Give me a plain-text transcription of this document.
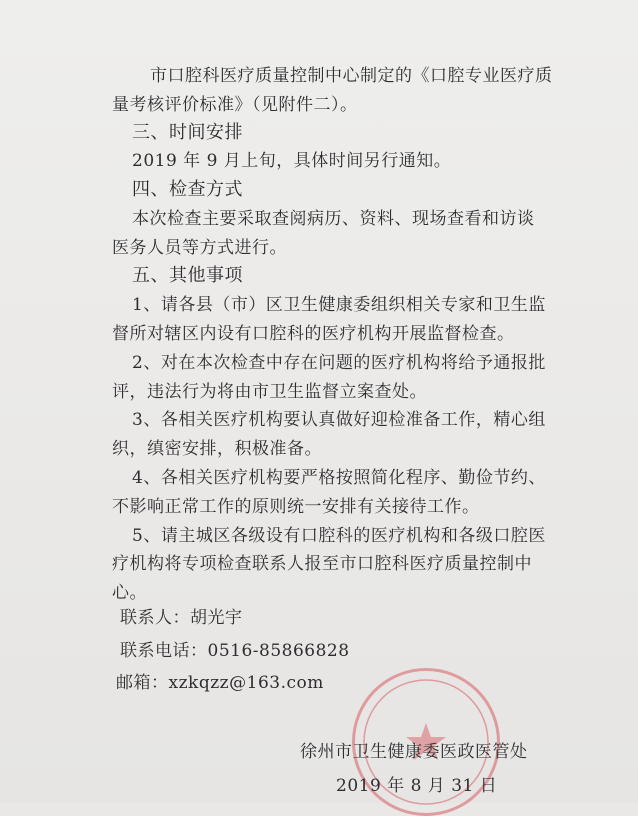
市口腔科医疗质量控制中心制定的《口腔专业医疗质
量考核评价标准》（见附件二）。
三、时间安排
2019 年 9 月上旬，具体时间另行通知。
四、检查方式
本次检查主要采取查阅病历、资料、现场查看和访谈
医务人员等方式进行。
五、其他事项
1、请各县（市）区卫生健康委组织相关专家和卫生监
督所对辖区内设有口腔科的医疗机构开展监督检查。
2、对在本次检查中存在问题的医疗机构将给予通报批
评，违法行为将由市卫生监督立案查处。
3、各相关医疗机构要认真做好迎检准备工作，精心组
织，缜密安排，积极准备。
4、各相关医疗机构要严格按照简化程序、勤俭节约、
不影响正常工作的原则统一安排有关接待工作。
5、请主城区各级设有口腔科的医疗机构和各级口腔医
疗机构将专项检查联系人报至市口腔科医疗质量控制中
心。
联系人：胡光宇
联系电话：0516-85866828
邮箱：xzkqzz@163.com
徐州市卫生健康委医政医管处
2019 年 8 月 31 日
